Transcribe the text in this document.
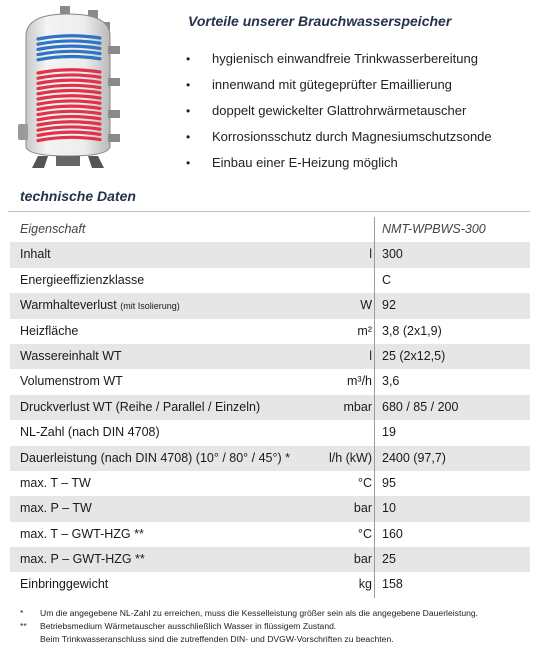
Vorteile unserer Brauchwasserspeicher
• hygienisch einwandfreie Trinkwasserbereitung
• innenwand mit gütegeprüfter Emaillierung
• doppelt gewickelter Glattrohrwärmetauscher
• Korrosionsschutz durch Magnesiumschutzsonde
• Einbau einer E-Heizung möglich
technische Daten
Eigenschaft	NMT-WPBWS-300
Inhalt	l 300
Energieeffizienzklasse	C
Warmhalteverlust (mit Isolierung)	W 92
Heizfläche	m² 3,8 (2x1,9)
Wassereinhalt WT	l 25 (2x12,5)
Volumenstrom WT	m³/h 3,6
Druckverlust WT (Reihe / Parallel / Einzeln)	mbar 680 / 85 / 200
NL-Zahl (nach DIN 4708)	19
Dauerleistung (nach DIN 4708) (10° / 80° / 45°) *	l/h (kW) 2400 (97,7)
max. T – TW	°C 95
max. P – TW	bar 10
max. T – GWT-HZG **	°C 160
max. P – GWT-HZG **	bar 25
Einbringgewicht	kg 158
* Um die angegebene NL-Zahl zu erreichen, muss die Kesselleistung größer sein als die angegebene Dauerleistung.
** Betriebsmedium Wärmetauscher ausschließlich Wasser in flüssigem Zustand.
Beim Trinkwasseranschluss sind die zutreffenden DIN- und DVGW-Vorschriften zu beachten.
